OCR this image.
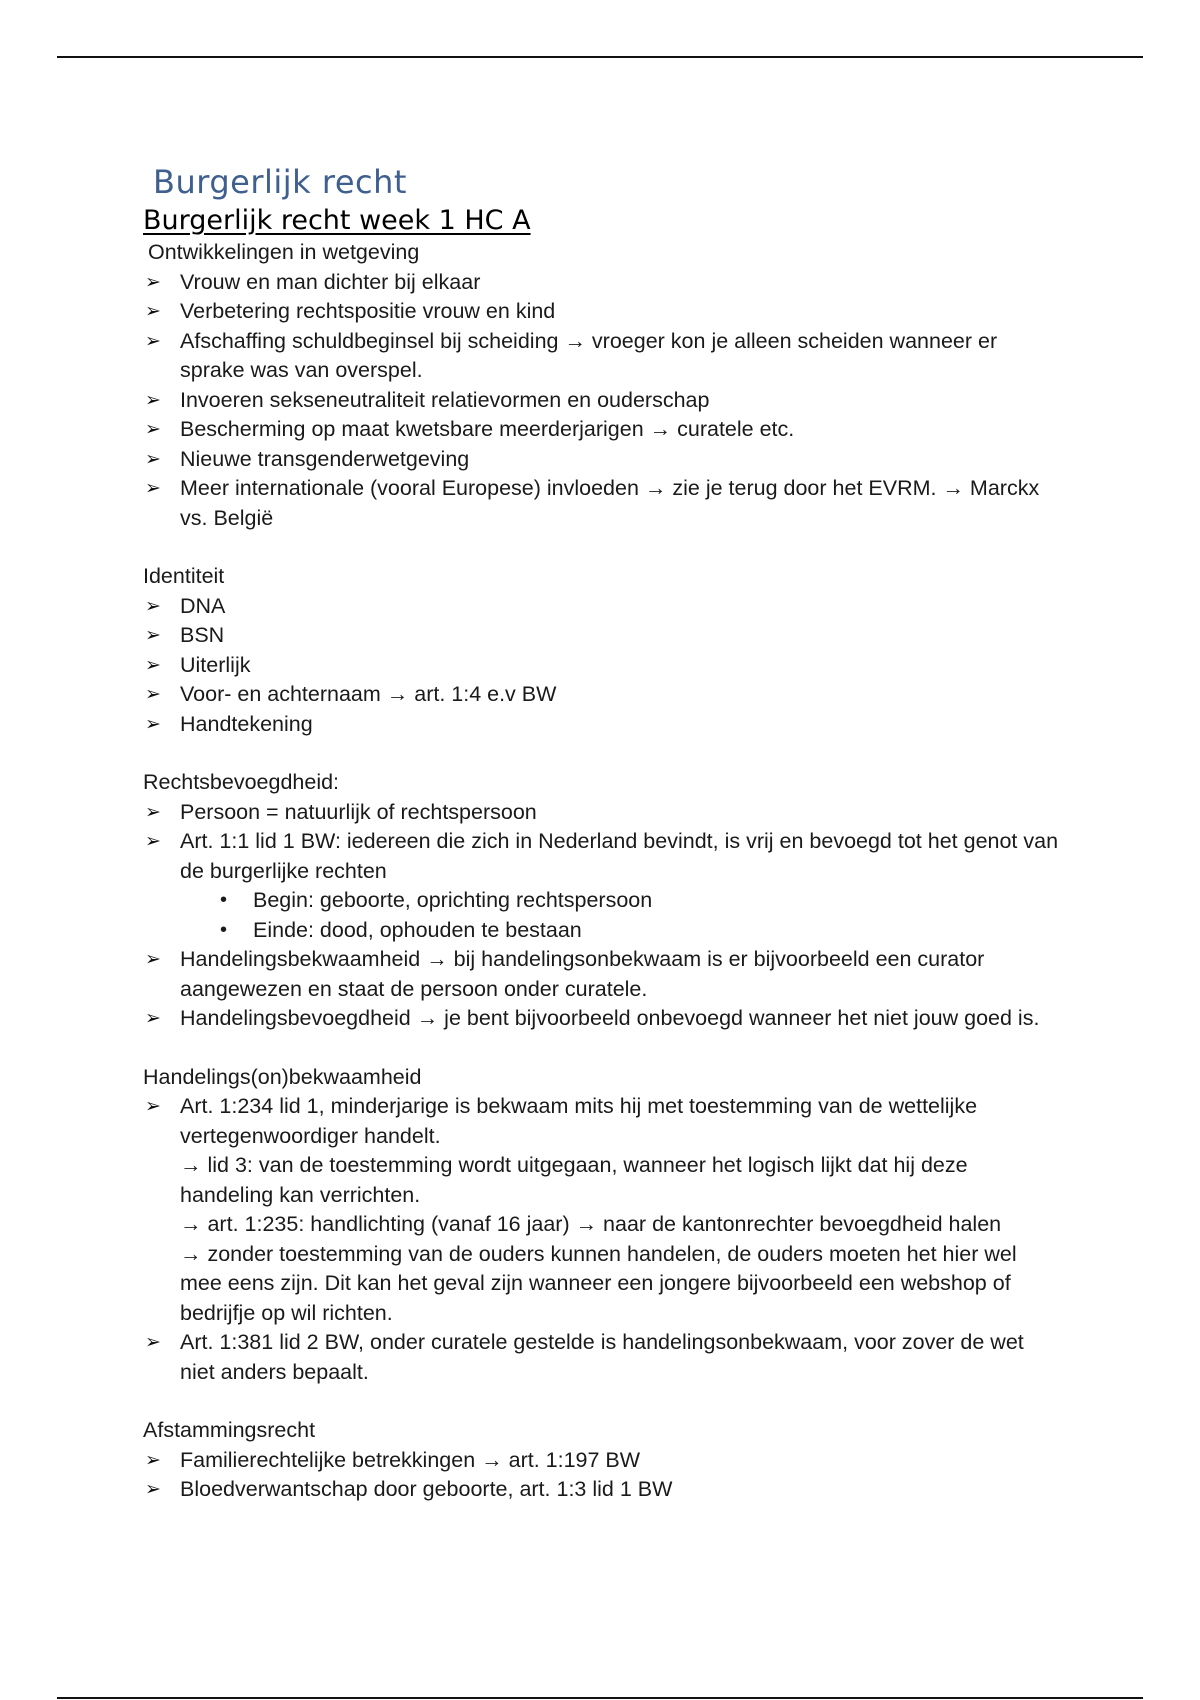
Burgerlijk recht
Burgerlijk recht week 1 HC A

Ontwikkelingen in wetgeving

➢ Vrouw en man dichter bij elkaar
➢ Verbetering rechtspositie vrouw en kind
➢ Afschaffing schuldbeginsel bij scheiding → vroeger kon je alleen scheiden wanneer er sprake was van overspel.
➢ Invoeren sekseneutraliteit relatievormen en ouderschap
➢ Bescherming op maat kwetsbare meerderjarigen → curatele etc.
➢ Nieuwe transgenderwetgeving
➢ Meer internationale (vooral Europese) invloeden → zie je terug door het EVRM. → Marckx vs. België

Identiteit

➢ DNA
➢ BSN
➢ Uiterlijk
➢ Voor- en achternaam → art. 1:4 e.v BW
➢ Handtekening

Rechtsbevoegdheid:

➢ Persoon = natuurlijk of rechtspersoon
➢ Art. 1:1 lid 1 BW: iedereen die zich in Nederland bevindt, is vrij en bevoegd tot het genot van de burgerlijke rechten
• Begin: geboorte, oprichting rechtspersoon
• Einde: dood, ophouden te bestaan
➢ Handelingsbekwaamheid → bij handelingsonbekwaam is er bijvoorbeeld een curator aangewezen en staat de persoon onder curatele.
➢ Handelingsbevoegdheid → je bent bijvoorbeeld onbevoegd wanneer het niet jouw goed is.

Handelings(on)bekwaamheid

➢ Art. 1:234 lid 1, minderjarige is bekwaam mits hij met toestemming van de wettelijke vertegenwoordiger handelt.
→ lid 3: van de toestemming wordt uitgegaan, wanneer het logisch lijkt dat hij deze handeling kan verrichten.
→ art. 1:235: handlichting (vanaf 16 jaar) → naar de kantonrechter bevoegdheid halen
→ zonder toestemming van de ouders kunnen handelen, de ouders moeten het hier wel mee eens zijn. Dit kan het geval zijn wanneer een jongere bijvoorbeeld een webshop of bedrijfje op wil richten.
➢ Art. 1:381 lid 2 BW, onder curatele gestelde is handelingsonbekwaam, voor zover de wet niet anders bepaalt.

Afstammingsrecht

➢ Familierechtelijke betrekkingen → art. 1:197 BW
➢ Bloedverwantschap door geboorte, art. 1:3 lid 1 BW
